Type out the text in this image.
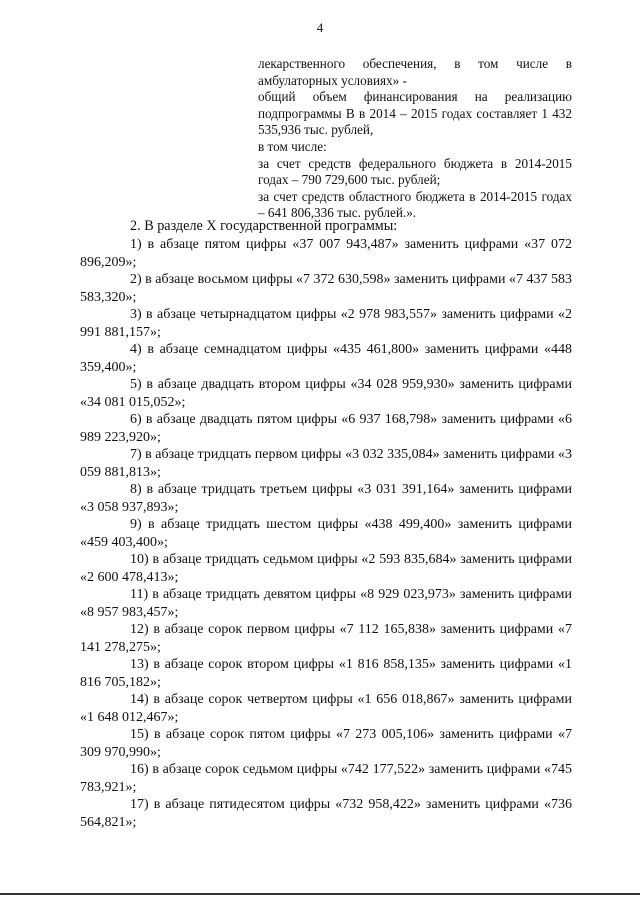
4

лекарственного обеспечения, в том числе в амбулаторных условиях» -

общий объем финансирования на реализацию подпрограммы В в 2014 – 2015 годах составляет 1 432 535,936 тыс. рублей,

в том числе:

за счет средств федерального бюджета в 2014-2015 годах – 790 729,600 тыс. рублей;

за счет средств областного бюджета в 2014-2015 годах – 641 806,336 тыс. рублей.».

2. В разделе X государственной программы:

1) в абзаце пятом цифры «37 007 943,487» заменить цифрами «37 072 896,209»;

2) в абзаце восьмом цифры «7 372 630,598» заменить цифрами «7 437 583 583,320»;

3) в абзаце четырнадцатом цифры «2 978 983,557» заменить цифрами «2 991 881,157»;

4) в абзаце семнадцатом цифры «435 461,800» заменить цифрами «448 359,400»;

5) в абзаце двадцать втором цифры «34 028 959,930» заменить цифрами «34 081 015,052»;

6) в абзаце двадцать пятом цифры «6 937 168,798» заменить цифрами «6 989 223,920»;

7) в абзаце тридцать первом цифры «3 032 335,084» заменить цифрами «3 059 881,813»;

8) в абзаце тридцать третьем цифры «3 031 391,164» заменить цифрами «3 058 937,893»;

9) в абзаце тридцать шестом цифры «438 499,400» заменить цифрами «459 403,400»;

10) в абзаце тридцать седьмом цифры «2 593 835,684» заменить цифрами «2 600 478,413»;

11) в абзаце тридцать девятом цифры «8 929 023,973» заменить цифрами «8 957 983,457»;

12) в абзаце сорок первом цифры «7 112 165,838» заменить цифрами «7 141 278,275»;

13) в абзаце сорок втором цифры «1 816 858,135» заменить цифрами «1 816 705,182»;

14) в абзаце сорок четвертом цифры «1 656 018,867» заменить цифрами «1 648 012,467»;

15) в абзаце сорок пятом цифры «7 273 005,106» заменить цифрами «7 309 970,990»;

16) в абзаце сорок седьмом цифры «742 177,522» заменить цифрами «745 783,921»;

17) в абзаце пятидесятом цифры «732 958,422» заменить цифрами «736 564,821»;
